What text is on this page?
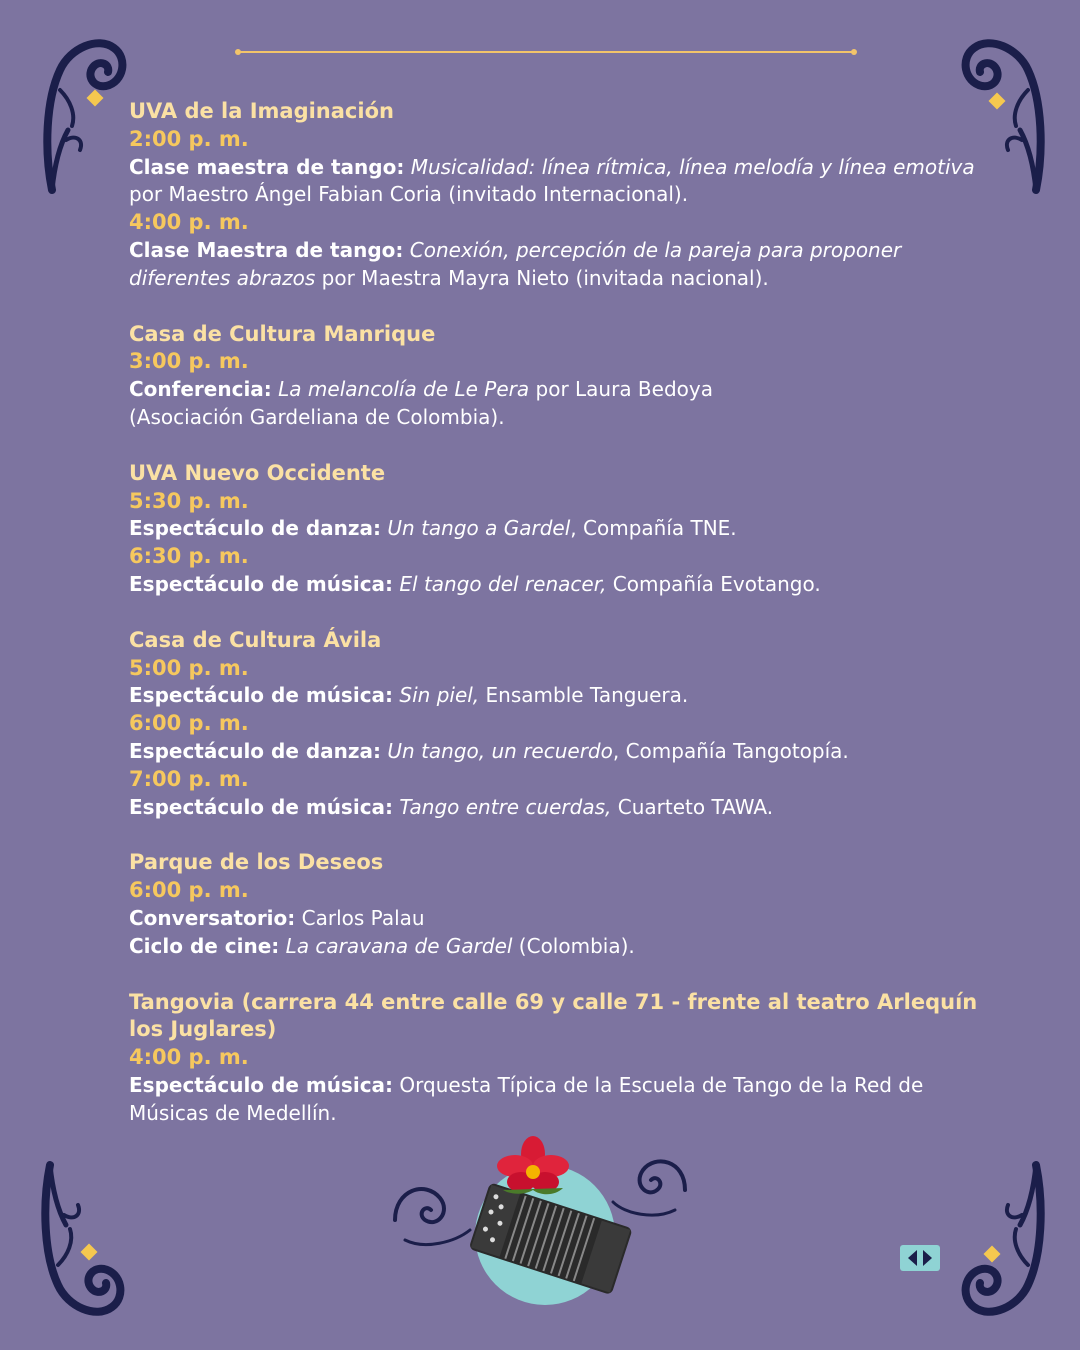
UVA de la Imaginación
2:00 p. m.
Clase maestra de tango: Musicalidad: línea rítmica, línea melodía y línea emotiva por Maestro Ángel Fabian Coria (invitado Internacional).
4:00 p. m.
Clase Maestra de tango: Conexión, percepción de la pareja para proponer diferentes abrazos por Maestra Mayra Nieto (invitada nacional).
Casa de Cultura Manrique
3:00 p. m.
Conferencia: La melancolía de Le Pera por Laura Bedoya
(Asociación Gardeliana de Colombia).
UVA Nuevo Occidente
5:30 p. m.
Espectáculo de danza: Un tango a Gardel, Compañía TNE.
6:30 p. m.
Espectáculo de música: El tango del renacer, Compañía Evotango.
Casa de Cultura Ávila
5:00 p. m.
Espectáculo de música: Sin piel, Ensamble Tanguera.
6:00 p. m.
Espectáculo de danza: Un tango, un recuerdo, Compañía Tangotopía.
7:00 p. m.
Espectáculo de música: Tango entre cuerdas, Cuarteto TAWA.
Parque de los Deseos
6:00 p. m.
Conversatorio: Carlos Palau
Ciclo de cine: La caravana de Gardel (Colombia).
Tangovia (carrera 44 entre calle 69 y calle 71 - frente al teatro Arlequín los Juglares)
4:00 p. m.
Espectáculo de música: Orquesta Típica de la Escuela de Tango de la Red de Músicas de Medellín.
